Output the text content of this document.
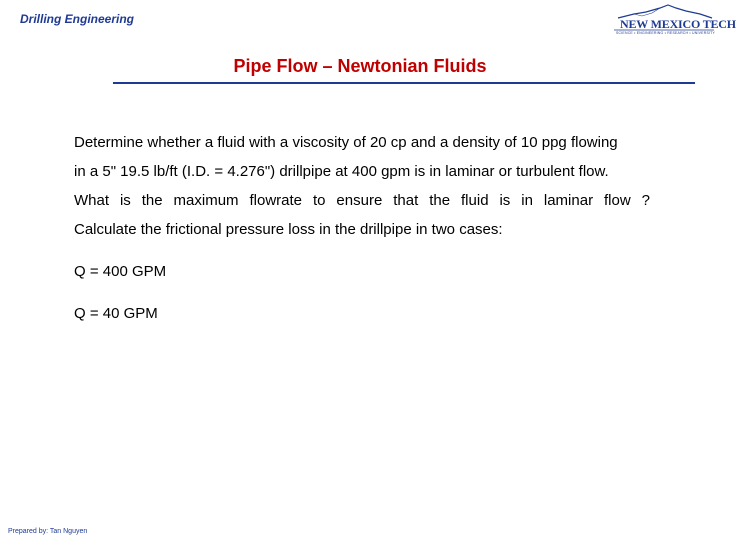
Drilling Engineering	NEW MEXICO TECH
SCIENCE • ENGINEERING • RESEARCH • UNIVERSITY
Pipe Flow – Newtonian Fluids
Determine whether a fluid with a viscosity of 20 cp and a density of 10 ppg flowing
in a 5" 19.5 lb/ft (I.D. = 4.276") drillpipe at 400 gpm is in laminar or turbulent flow.
What is the maximum flowrate to ensure that the fluid is in laminar flow ?
Calculate the frictional pressure loss in the drillpipe in two cases:
Q = 400 GPM
Q = 40 GPM
Prepared by: Tan Nguyen
